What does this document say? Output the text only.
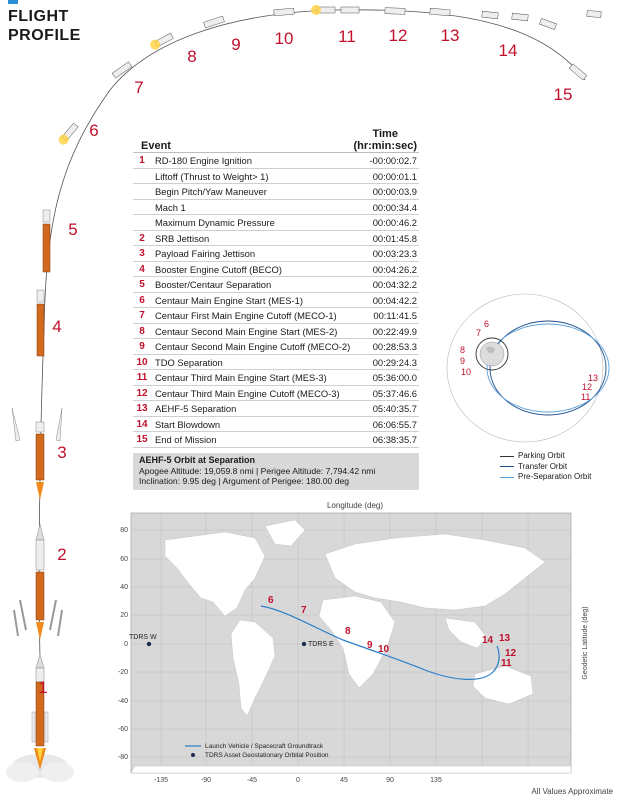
FLIGHT
PROFILE
1
2
3
4
5
6
7
8
9 10	11 12 13
14
15
Event
Time
(hr:min:sec)
1	RD-180 Engine Ignition	-00:00:02.7
Liftoff (Thrust to Weight> 1)	00:00:01.1
Begin Pitch/Yaw Maneuver	00:00:03.9
Mach 1	00:00:34.4
Maximum Dynamic Pressure	00:00:46.2
2	SRB Jettison	00:01:45.8
3	Payload Fairing Jettison	00:03:23.3
4	Booster Engine Cutoff (BECO)	00:04:26.2
5	Booster/Centaur Separation	00:04:32.2
6	Centaur Main Engine Start (MES-1)	00:04:42.2
7	Centaur First Main Engine Cutoff (MECO-1)	00:11:41.5
8	Centaur Second Main Engine Start (MES-2)	00:22:49.9
9	Centaur Second Main Engine Cutoff (MECO-2) 00:28:53.3
10 TDO Separation	00:29:24.3
11 Centaur Third Main Engine Start (MES-3)	05:36:00.0
12 Centaur Third Main Engine Cutoff (MECO-3)	05:37:46.6
13 AEHF-5 Separation	05:40:35.7
14 Start Blowdown	06:06:55.7
15 End of Mission	06:38:35.7
AEHF-5 Orbit at Separation
Apogee Altitude: 19,059.8 nmi | Perigee Altitude: 7,794.42 nmi
Inclination: 9.95 deg | Argument of Perigee: 180.00 deg
6
7
8
9
10
13
12
11
Parking Orbit
Transfer Orbit
Pre-Separation Orbit
Longitude (deg)
TDRS W
TDRS E
6
7
8
9 10
14 13
12
11
-135	-90	-45	0	45	90	135
80
60
40
20
0
-20
-40
-60
-80
Geodetic Latitude (deg)
Launch Vehicle / Spacecraft Groundtrack
TDRS Asset Geostationary Orbital Position
All Values Approximate
